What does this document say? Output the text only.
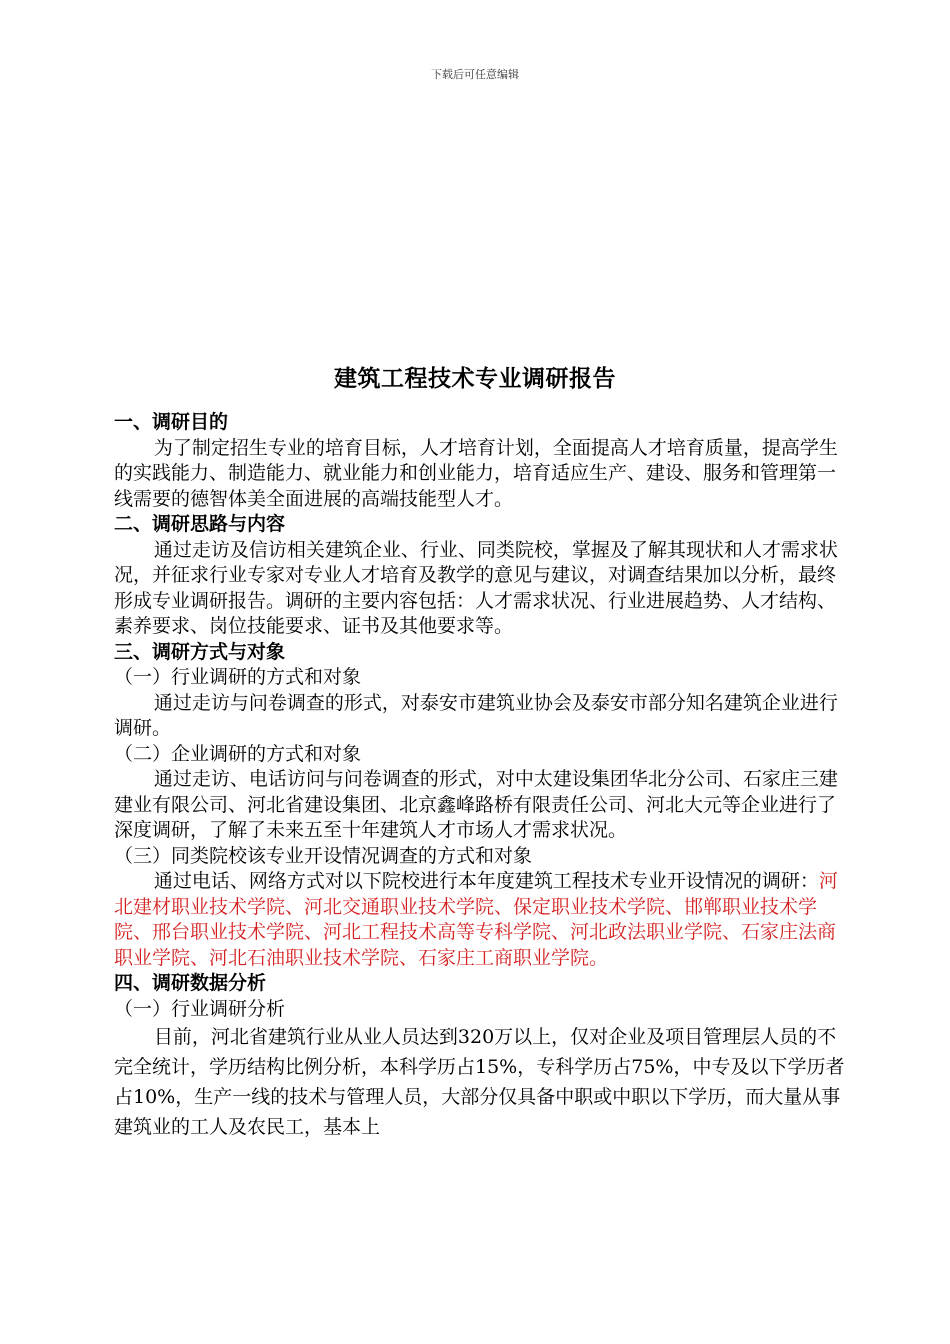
下载后可任意编辑
建筑工程技术专业调研报告

一、调研目的

为了制定招生专业的培育目标，人才培育计划，全面提高人才培育质量，提高学生的实践能力、制造能力、就业能力和创业能力，培育适应生产、建设、服务和管理第一线需要的德智体美全面进展的高端技能型人才。

二、调研思路与内容

通过走访及信访相关建筑企业、行业、同类院校，掌握及了解其现状和人才需求状况，并征求行业专家对专业人才培育及教学的意见与建议，对调查结果加以分析，最终形成专业调研报告。调研的主要内容包括：人才需求状况、行业进展趋势、人才结构、素养要求、岗位技能要求、证书及其他要求等。

三、调研方式与对象

（一）行业调研的方式和对象

通过走访与问卷调查的形式，对泰安市建筑业协会及泰安市部分知名建筑企业进行调研。

（二）企业调研的方式和对象

通过走访、电话访问与问卷调查的形式，对中太建设集团华北分公司、石家庄三建建业有限公司、河北省建设集团、北京鑫峰路桥有限责任公司、河北大元等企业进行了深度调研，了解了未来五至十年建筑人才市场人才需求状况。

（三）同类院校该专业开设情况调查的方式和对象

通过电话、网络方式对以下院校进行本年度建筑工程技术专业开设情况的调研：河北建材职业技术学院、河北交通职业技术学院、保定职业技术学院、邯郸职业技术学院、邢台职业技术学院、河北工程技术高等专科学院、河北政法职业学院、石家庄法商职业学院、河北石油职业技术学院、石家庄工商职业学院。

四、调研数据分析

（一）行业调研分析

目前，河北省建筑行业从业人员达到320万以上，仅对企业及项目管理层人员的不完全统计，学历结构比例分析，本科学历占15%，专科学历占75%，中专及以下学历者占10%，生产一线的技术与管理人员，大部分仅具备中职或中职以下学历，而大量从事建筑业的工人及农民工，基本上
